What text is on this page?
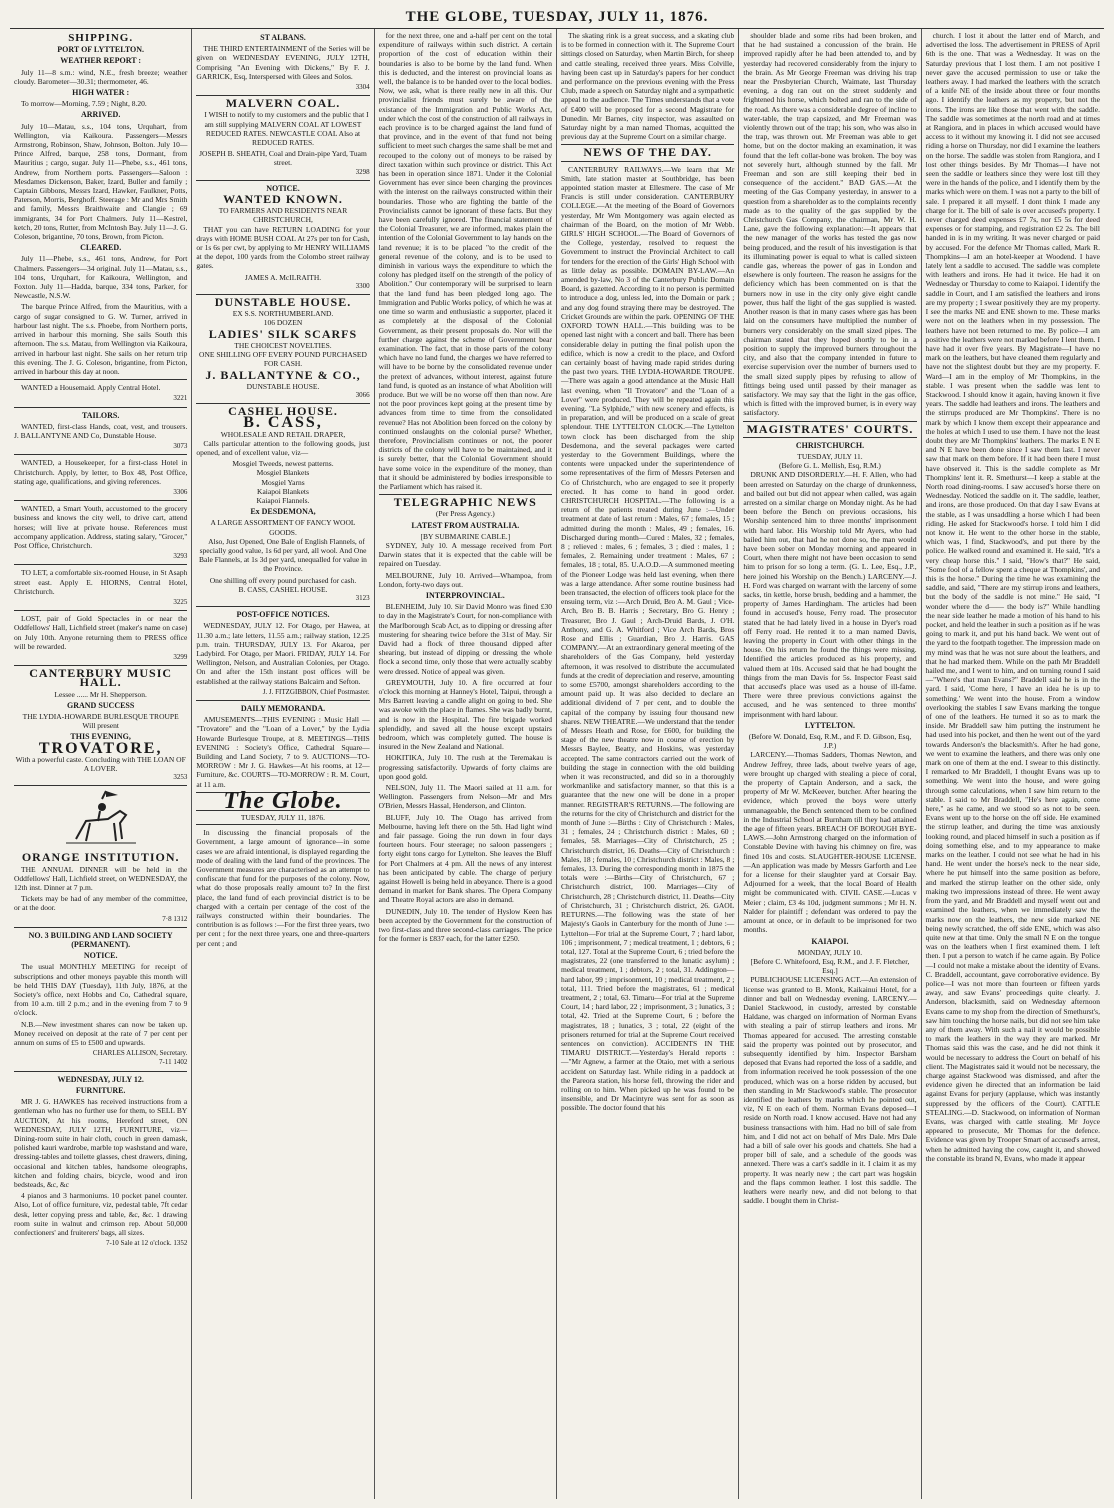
THE GLOBE, TUESDAY, JULY 11, 1876.
SHIPPING.
PORT OF LYTTELTON.
WEATHER REPORT :

July 11—8 s.m.: wind, N.E., fresh breeze; weather cloudy. Barometer—30.31; thermometer, 46.

HIGH WATER :

To morrow—Morning, 7.59 ; Night, 8.20.

ARRIVED.

July 10—Matau, s.s., 104 tons, Urquhart, from Wellington, via Kaikoura. Passengers—Messrs Armstrong, Robinson, Shaw, Johnson, Bolton. July 10—Prince Alfred, barque, 258 tons, Dormant, from Mauritius ; cargo, sugar. July 11—Phebe, s.s., 461 tons, Andrew, from Northern ports. Passengers—Saloon : Mesdames Dickenson, Baker, Izard, Buller and family ; Captain Gibbons, Messrs Izard, Hawker, Faulkner, Potts, Paterson, Morris, Berghoff. Steerage : Mr and Mrs Smith and family, Messrs Braithwaite and Clangie ; 69 immigrants, 34 for Port Chalmers. July 11—Kestrel, ketch, 20 tons, Rutter, from McIntosh Bay. July 11—J. G. Coleson, brigantine, 70 tons, Brown, from Picton.

CLEARED.

July 11—Phebe, s.s., 461 tons, Andrew, for Port Chalmers. Passengers—34 original. July 11—Matau, s.s., 104 tons, Urquhart, for Kaikoura, Wellington, and Foxton. July 11—Hadda, barque, 334 tons, Parker, for Newcastle, N.S.W.

The barque Prince Alfred, from the Mauritius, with a cargo of sugar consigned to G. W. Turner, arrived in harbour last night. The s.s. Phoebe, from Northern ports, arrived in harbour this morning. She sails South this afternoon. The s.s. Matau, from Wellington via Kaikoura, arrived in harbour last night. She sails on her return trip this evening. The J. G. Coleson, brigantine, from Picton, arrived in harbour this day at noon.

WANTED a Housemaid. Apply Central Hotel.

3221
TAILORS.

WANTED, first-class Hands, coat, vest, and trousers. J. BALLANTYNE AND Co, Dunstable House.

3073

WANTED, a Housekeeper, for a first-class Hotel in Christchurch. Apply, by letter, to Box 48, Post Office, stating age, qualifications, and giving references.

3306

WANTED, a Smart Youth, accustomed to the grocery business and knows the city well, to drive cart, attend horses; will live at private house. References must accompany application. Address, stating salary, "Grocer," Post Office, Christchurch.

3293

TO LET, a comfortable six-roomed House, in St Asaph street east. Apply E. HIORNS, Central Hotel, Christchurch.

3225

LOST, pair of Gold Spectacles in or near the Oddfellows' Hall, Lichfield street (maker's name on case) on July 10th. Anyone returning them to PRESS office will be rewarded.

3299
CANTERBURY MUSIC HALL.
Lessee ...... Mr H. Shepperson.
GRAND SUCCESS
THE LYDIA-HOWARDE BURLESQUE TROUPE
Will present
THIS EVENING,
TROVATORE,
With a powerful caste. Concluding with THE LOAN OF A LOVER.
3253
ORANGE INSTITUTION.

THE ANNUAL DINNER will be held in the Oddfellows' Hall, Lichfield street, on WEDNESDAY, the 12th inst. Dinner at 7 p.m.

Tickets may be had of any member of the committee, or at the door.

7·8 1312
NO. 3 BUILDING AND LAND SOCIETY (PERMANENT).
NOTICE.

The usual MONTHLY MEETING for receipt of subscriptions and other moneys payable this month will be held THIS DAY (Tuesday), 11th July, 1876, at the Society's office, next Hobbs and Co, Cathedral square, from 10 a.m. till 2 p.m.; and in the evening from 7 to 9 o'clock.

N.B.—New investment shares can now be taken up. Money received on deposit at the rate of 7 per cent per annum on sums of £5 to £500 and upwards.

CHARLES ALLISON, Secretary.
7-11 1402
WEDNESDAY, JULY 12.
FURNITURE.

MR J. G. HAWKES has received instructions from a gentleman who has no further use for them, to SELL BY AUCTION, At his rooms, Hereford street, ON WEDNESDAY, JULY 12TH, FURNITURE, viz—Dining-room suite in hair cloth, couch in green damask, polished kauri wardrobe, marble top washstand and ware, dressing-tables and toilette glasses, chest drawers, dining, occasional and kitchen tables, handsome oleographs, kitchen and folding chairs, bicycle, wood and iron bedsteads, &c, &c

4 pianos and 3 harmoniums. 10 pocket panel counter. Also, Lot of office furniture, viz, pedestal table, 7ft cedar desk, letter copying press and table, &c, &c. 1 drawing room suite in walnut and crimson rep. About 50,000 confectioners' and fruiterers' bags, all sizes.

7-10 Sale at 12 o'clock. 1352
ST ALBANS.

THE THIRD ENTERTAINMENT of the Series will be given on WEDNESDAY EVENING, JULY 12TH, Comprising "An Evening with Dickens," By F. J. GARRICK, Esq, Interspersed with Glees and Solos.

3304
MALVERN COAL.

I WISH to notify to my customers and the public that I am still supplying MALVERN COAL AT LOWEST REDUCED RATES. NEWCASTLE COAL Also at REDUCED RATES.

JOSEPH B. SHEATH, Coal and Drain-pipe Yard, Tuam street.
3298
NOTICE.
WANTED KNOWN.
TO FARMERS AND RESIDENTS NEAR CHRISTCHURCH,

THAT you can have RETURN LOADING for your drays with HOME BUSH COAL At 27s per ton for Cash, or 1s 6s per cwt, by applying to Mr HENRY WILLIAMS at the depot, 100 yards from the Colombo street railway gates.

JAMES A. McILRAITH.
3300
DUNSTABLE HOUSE.
EX S.S. NORTHUMBERLAND.
106 DOZEN
LADIES' SILK SCARFS
THE CHOICEST NOVELTIES.
ONE SHILLING OFF EVERY POUND PURCHASED FOR CASH.
J. BALLANTYNE & CO.,
DUNSTABLE HOUSE.
3066
CASHEL HOUSE.
B. CASS,
WHOLESALE AND RETAIL DRAPER,

Calls particular attention to the following goods, just opened, and of excellent value, viz—

Mosgiel Tweeds, newest patterns.
Mosgiel Blankets
Mosgiel Yarns
Kaiapoi Blankets
Kaiapoi Flannels.
Ex DESDEMONA,
A LARGE ASSORTMENT OF FANCY WOOL GOODS.

Also, Just Opened, One Bale of English Flannels, of specially good value, 1s 6d per yard, all wool. And One Bale Flannels, at 1s 3d per yard, unequalled for value in the Province.

One shilling off every pound purchased for cash.
B. CASS, CASHEL HOUSE.
3123
POST-OFFICE NOTICES.

WEDNESDAY, JULY 12. For Otago, per Hawea, at 11.30 a.m.; late letters, 11.55 a.m.; railway station, 12.25 p.m. train. THURSDAY, JULY 13. For Akaroa, per Ladybird. For Otago, per Maori. FRIDAY, JULY 14. For Wellington, Nelson, and Australian Colonies, per Otago. On and after the 15th instant post offices will be established at the railway stations Balcairn and Sefton.

J. J. FITZGIBBON, Chief Postmaster.
DAILY MEMORANDA.

AMUSEMENTS—THIS EVENING : Music Hall — "Trovatore" and the "Loan of a Lover," by the Lydia Howarde Burlesque Troupe, at 8. MEETINGS—THIS EVENING : Society's Office, Cathedral Square—Building and Land Society, 7 to 9. AUCTIONS—TO-MORROW : Mr J. G. Hawkes—At his rooms, at 12—Furniture, &c. COURTS—TO-MORROW : R. M. Court, at 11 a.m.

The Globe.
TUESDAY, JULY 11, 1876.

In discussing the financial proposals of the Government, a large amount of ignorance—in some cases we are afraid intentional, is displayed regarding the mode of dealing with the land fund of the provinces. The Government measures are characterised as an attempt to confiscate that fund for the purposes of the colony. Now, what do those proposals really amount to? In the first place, the land fund of each provincial district is to be charged with a certain per centage of the cost of the railways constructed within their boundaries. The contribution is as follows :—For the first three years, two per cent ; for the next three years, one and three-quarters per cent ; and

for the next three, one and a-half per cent on the total expenditure of railways within such district. A certain proportion of the cost of education within their boundaries is also to be borne by the land fund. When this is deducted, and the interest on provincial loans as well, the balance is to be handed over to the local bodies. Now, we ask, what is there really new in all this. Our provincialist friends must surely be aware of the existance of the Immigration and Public Works Act, under which the cost of the construction of all railways in each province is to be charged against the land fund of that province, and in the event of that fund not being sufficient to meet such charges the same shall be met and recouped to the colony out of moneys to be raised by direct taxation within such province or district. This Act has been in operation since 1871. Under it the Colonial Government has ever since been charging the provinces with the interest on the railways constructed within their boundaries. Those who are fighting the battle of the Provincialists cannot be ignorant of these facts. But they have been carefully ignored. The financial statement of the Colonial Treasurer, we are informed, makes plain the intention of the Colonial Government to lay hands on the land revenue; it is to be placed "to the credit of the general revenue of the colony, and is to be used to diminish in various ways the expenditure to which the colony has pledged itself on the strength of the policy of Abolition." Our contemporary will be surprised to learn that the land fund has been pledged long ago. The Immigration and Public Works policy, of which he was at one time so warm and enthusiastic a supporter, placed it as completely at the disposal of the Colonial Government, as their present proposals do. Nor will the further charge against the scheme of Government bear examination. The fact, that in those parts of the colony which have no land fund, the charges we have referred to will have to be borne by the consolidated revenue under the pretext of advances, without interest, against future land fund, is quoted as an instance of what Abolition will produce. But we will be no worse off then than now. Are not the poor provinces kept going at the present time by advances from time to time from the consolidated revenue? Has not Abolition been forced on the colony by continued onslaughts on the colonial purse? Whether, therefore, Provincialism continues or not, the poorer districts of the colony will have to be maintained, and it is surely better, that the Colonial Government should have some voice in the expenditure of the money, than that it should be administered by bodies irresponsible to the Parliament which has raised it.

TELEGRAPHIC NEWS
(Per Press Agency.)
LATEST FROM AUSTRALIA.
[BY SUBMARINE CABLE.]

SYDNEY, July 10. A message received from Port Darwin states that it is expected that the cable will be repaired on Tuesday.

MELBOURNE, July 10. Arrived—Whampoa, from London, forty-two days out.

INTERPROVINCIAL.

BLENHEIM, July 10. Sir David Monro was fined £30 to day in the Magistrate's Court, for non-compliance with the Marlborough Scab Act, as to dipping or dressing after mustering for shearing twice before the 31st of May. Sir David had a flock of three thousand dipped after shearing, but instead of dipping or dressing the whole flock a second time, only those that were actually scabby were dressed. Notice of appeal was given.

GREYMOUTH, July 10. A fire occurred at four o'clock this morning at Hanney's Hotel, Taipui, through a Mrs Barrett leaving a candle alight on going to bed. She was awoke with the place in flames. She was badly burnt, and is now in the Hospital. The fire brigade worked splendidly, and saved all the house except upstairs bedroom, which was completely gutted. The house is insured in the New Zealand and National.

HOKITIKA, July 10. The rush at the Teremakau is progressing satisfactorily. Upwards of forty claims are upon good gold.

NELSON, July 11. The Maori sailed at 11 a.m. for Wellington. Passengers from Nelson—Mr and Mrs O'Brien, Messrs Hassal, Henderson, and Clinton.

BLUFF, July 10. The Otago has arrived from Melbourne, having left there on the 5th. Had light wind and fair passage. Going the run down in four days fourteen hours. Four steerage; no saloon passengers ; forty eight tons cargo for Lyttelton. She leaves the Bluff for Port Chalmers at 4 pm. All the news of any interest has been anticipated by cable. The charge of perjury against Howell is being held in abeyance. There is a good demand in market for Bank shares. The Opera Company and Theatre Royal actors are also in demand.

DUNEDIN, July 10. The tender of Hyslow Keen has been accepted by the Government for the construction of two first-class and three second-class carriages. The price for the former is £837 each, for the latter £250.

The skating rink is a great success, and a skating club is to be formed in connection with it. The Supreme Court sittings closed on Saturday, when Martin Birch, for sheep and cattle stealing, received three years. Miss Colville, having been cast up in Saturday's papers for her conduct and performance on the previous evening with the Press Club, made a speech on Saturday night and a sympathetic appeal to the audience. The Times understands that a vote of £400 will be proposed for a second Magistrate for Dunedin. Mr Barnes, city inspector, was assaulted on Saturday night by a man named Thomas, acquitted the previous day at the Supreme Court on a similar charge.

NEWS OF THE DAY.

CANTERBURY RAILWAYS.—We learn that Mr Smith, late station master at Southbridge, has been appointed station master at Ellesmere. The case of Mr Francis is still under consideration. CANTERBURY COLLEGE.—At the meeting of the Board of Governors yesterday, Mr Wm Montgomery was again elected as chairman of the Board, on the motion of Mr Webb. GIRLS' HIGH SCHOOL.—The Board of Governors of the College, yesterday, resolved to request the Government to instruct the Provincial Architect to call for tenders for the erection of the Girls' High School with as little delay as possible. DOMAIN BY-LAW.—An amended by-law, No 3 of the Canterbury Public Domain Board, is gazetted. According to it no person is permitted to introduce a dog, unless led, into the Domain or park ; and any dog found straying there may be destroyed. The Cricket Grounds are within the park. OPENING OF THE OXFORD TOWN HALL.—This building was to be opened last night with a concert and ball. There has been considerable delay in putting the final polish upon the edifice, which is now a credit to the place, and Oxford can certainly boast of having made rapid strides during the past two years. THE LYDIA-HOWARDE TROUPE.—There was again a good attendance at the Music Hall last evening, when "Il Trovatore" and the "Loan of a Lover" were produced. They will be repeated again this evening. "La Sylphide," with new scenery and effects, is in preparation, and will be produced on a scale of great splendour. THE LYTTELTON CLOCK.—The Lyttelton town clock has been discharged from the ship Desdemona, and the several packages were carted yesterday to the Government Buildings, where the contents were unpacked under the superintendence of some representatives of the firm of Messrs Petersen and Co of Christchurch, who are engaged to see it properly erected. It has come to hand in good order. CHRISTCHURCH HOSPITAL.—The following is a return of the patients treated during June :—Under treatment at date of last return : Males, 67 ; females, 15 ; admitted during the month : Males, 49 ; females, 16. Discharged during month—Cured : Males, 32 ; females, 8 ; relieved : males, 6 ; females, 3 ; died : males, 1 ; females, 2. Remaining under treatment : Males, 67 ; females, 18 ; total, 85. U.A.O.D.—A summoned meeting of the Pioneer Lodge was held last evening, when there was a large attendance. After some routine business had been transacted, the election of officers took place for the ensuing term, viz :—Arch Druid, Bro A. M. Gaul ; Vice-Arch, Bro B. B. Harris ; Secretary, Bro G. Henry ; Treasurer, Bro J. Gaul ; Arch-Druid Bards, J. O'H. Anthony, and G. A. Whitford ; Vice Arch Bards, Bros Rose and Ellis ; Guardian, Bro J. Harris. GAS COMPANY.—At an extraordinary general meeting of the shareholders of the Gas Company, held yesterday afternoon, it was resolved to distribute the accumulated funds at the credit of depreciation and reserve, amounting to some £5700, amongst shareholders according to the amount paid up. It was also decided to declare an additional dividend of 7 per cent, and to double the capital of the company by issuing four thousand new shares. NEW THEATRE.—We understand that the tender of Messrs Heath and Rose, for £600, for building the stage of the new theatre now in course of erection by Messrs Baylee, Beatty, and Hoskins, was yesterday accepted. The same contractors carried out the work of building the stage in connection with the old building when it was reconstructed, and did so in a thoroughly workmanlike and satisfactory manner, so that this is a guarantee that the new one will be done in a proper manner. REGISTRAR'S RETURNS.—The following are the returns for the city of Christchurch and district for the month of June :—Births : City of Christchurch : Males, 31 ; females, 24 ; Christchurch district : Males, 60 ; females, 58. Marriages—City of Christchurch, 25 ; Christchurch district, 16. Deaths—City of Christchurch : Males, 18 ; females, 10 ; Christchurch district : Males, 8 ; females, 13. During the corresponding month in 1875 the totals were :—Births—City of Christchurch, 67 ; Christchurch district, 100. Marriages—City of Christchurch, 28 ; Christchurch district, 11. Deaths—City of Christchurch, 31 ; Christchurch district, 26. GAOL RETURNS.—The following was the state of her Majesty's Gaols in Canterbury for the month of June :—Lyttelton—For trial at the Supreme Court, 7 ; hard labor, 106 ; imprisonment, 7 ; medical treatment, 1 ; debtors, 6 ; total, 127. Total at the Supreme Court, 6 ; tried before the magistrates, 22 (one transferred to the lunatic asylum) ; medical treatment, 1 ; debtors, 2 ; total, 31. Addington—hard labor, 99 ; imprisonment, 10 ; medical treatment, 2 ; total, 111. Tried before the magistrates, 61 ; medical treatment, 2 ; total, 63. Timaru—For trial at the Supreme Court, 14 ; hard labor, 22 ; imprisonment, 3 ; lunatics, 3 ; total, 42. Tried at the Supreme Court, 6 ; before the magistrates, 18 ; lunatics, 3 ; total, 22 (eight of the prisoners returned for trial at the Supreme Court received sentences on conviction). ACCIDENTS IN THE TIMARU DISTRICT.—Yesterday's Herald reports :—"Mr Agnew, a farmer at the Otaio, met with a serious accident on Saturday last. While riding in a paddock at the Pareora station, his horse fell, throwing the rider and rolling on to him. When picked up he was found to be insensible, and Dr Macintyre was sent for as soon as possible. The doctor found that his

shoulder blade and some ribs had been broken, and that he had sustained a concussion of the brain. He improved rapidly after he had been attended to, and by yesterday had recovered considerably from the injury to the brain. As Mr George Freeman was driving his trap near the Presbyterian Church, Waimate, last Thursday evening, a dog ran out on the street suddenly and frightened his horse, which bolted and ran to the side of the road. As there was a considerable degree of incline to water-table, the trap capsized, and Mr Freeman was violently thrown out of the trap; his son, who was also in the trap, was thrown out. Mr Freeman was able to get home, but on the doctor making an examination, it was found that the left collar-bone was broken. The boy was not severely hurt, although stunned by the fall. Mr Freeman and son are still keeping their bed in consequence of the accident." BAD GAS.—At the meeting of the Gas Company yesterday, in answer to a question from a shareholder as to the complaints recently made as to the quality of the gas supplied by the Christchurch Gas Company, the chairman, Mr W. H. Lane, gave the following explanation:—It appears that the new manager of the works has tested the gas now being produced, and the result of his investigation is that its illuminating power is equal to what is called sixteen candle gas, whereas the power of gas in London and elsewhere is only fourteen. The reason he assigns for the deficiency which has been commented on is that the burners now in use in the city only give eight candle power, thus half the light of the gas supplied is wasted. Another reason is that in many cases where gas has been laid on the consumers have multiplied the number of burners very considerably on the small sized pipes. The chairman stated that they hoped shortly to be in a position to supply the improved burners throughout the city, and also that the company intended in future to exercise supervision over the number of burners used to the small sized supply pipes by refusing to allow of fittings being used until passed by their manager as satisfactory. We may say that the light in the gas office, which is fitted with the improved burner, is in every way satisfactory.

MAGISTRATES' COURTS.
CHRISTCHURCH.
TUESDAY, JULY 11.
(Before G. L. Mellish, Esq, R.M.)

DRUNK AND DISORDERLY.—H. F. Allen, who had been arrested on Saturday on the charge of drunkenness, and bailed out but did not appear when called, was again arrested on a similar charge on Monday night. As he had been before the Bench on previous occasions, his Worship sentenced him to three months' imprisonment with hard labor. His Worship told Mr Ayers, who had bailed him out, that had he not done so, the man would have been sober on Monday morning and appeared in Court, when there might not have been occasion to send him to prison for so long a term. (G. L. Lee, Esq., J.P., here joined his Worship on the Bench.) LARCENY.—J. H. Ford was charged on warrant with the larceny of some sacks, tin kettle, horse brush, bedding and a hammer, the property of James Hardingham. The articles had been found in accused's house, Ferry road. The prosecutor stated that he had lately lived in a house in Dyer's road off Ferry road. He rented it to a man named Davis, leaving the property in Court with other things in the house. On his return he found the things were missing. Identified the articles produced as his property, and valued them at 10s. Accused said that he had bought the things from the man Davis for 5s. Inspector Feast said that accused's place was used as a house of ill-fame. There were three previous convictions against the accused, and he was sentenced to three months' imprisonment with hard labour.

LYTTELTON.
(Before W. Donald, Esq, R.M., and F. D. Gibson, Esq, J.P.)

LARCENY.—Thomas Sadders, Thomas Newton, and Andrew Jeffrey, three lads, about twelve years of age, were brought up charged with stealing a piece of coral, the property of Captain Anderson, and a sack, the property of Mr W. McKeever, butcher. After hearing the evidence, which proved the boys were utterly unmanageable, the Bench sentenced them to be confined in the Industrial School at Burnham till they had attained the age of fifteen years. BREACH OF BOROUGH BYE-LAWS.—John Armstrong charged on the information of Constable Devine with having his chimney on fire, was fined 10s and costs. SLAUGHTER-HOUSE LICENSE.—An application was made by Messrs Garforth and Lee for a license for their slaughter yard at Corsair Bay. Adjourned for a week, that the local Board of Health might be communicated with. CIVIL CASE.—Lucas v Meier ; claim, £3 4s 10d, judgment summons ; Mr H. N. Nalder for plaintiff ; defendant was ordered to pay the amount at once, or in default to be imprisoned for two months.

KAIAPOI.
MONDAY, JULY 10.
[Before C. Whitefoord, Esq, R.M., and J. F. Fletcher, Esq.]

PUBLICHOUSE LICENSING ACT.—An extension of license was granted to B. Monk, Kaikainui Hotel, for a dinner and ball on Wednesday evening. LARCENY.—Daniel Stackwood, in custody, arrested by constable Haldane, was charged on information of Norman Evans with stealing a pair of stirrup leathers and irons. Mr Thomas appeared for accused. The arresting constable said the property was pointed out by prosecutor, and subsequently identified by him. Inspector Barsham deposed that Evans had reported the loss of a saddle, and from information received he took possession of the one produced, which was on a horse ridden by accused, but then standing in Mr Stackwood's stable. The prosecutor identified the leathers by marks which he pointed out, viz, N E on each of them. Norman Evans deposed—I reside on North road. I know accused. Have not had any business transactions with him. Had no bill of sale from him, and I did not act on behalf of Mrs Dale. Mrs Dale had a bill of sale over his goods and chattels. She had a proper bill of sale, and a schedule of the goods was annexed. There was a cart's saddle in it. I claim it as my property. It was nearly new ; the cart part was hogskin and the flaps common leather. I lost this saddle. The leathers were nearly new, and did not belong to that saddle. I bought them in Christ-

church. I lost it about the latter end of March, and advertised the loss. The advertisement in PRESS of April 6th is the one. That was a Wednesday. It was on the Saturday previous that I lost them. I am not positive I never gave the accused permission to use or take the leathers away. I had marked the leathers with the scratch of a knife NE of the inside about three or four months ago. I identify the leathers as my property, but not the irons. The irons are like those that went with the saddle. The saddle was sometimes at the north road and at times at Rangiora, and in places in which accused would have access to it without my knowing it. I did not see accused riding a horse on Thursday, nor did I examine the leathers on the horse. The saddle was stolen from Rangiora, and I lost other things besides. By Mr Thomas—I have not seen the saddle or leathers since they were lost till they were in the hands of the police, and I identify them by the marks which were on them. I was not a party to the bill of sale. I prepared it all myself. I dont think I made any charge for it. The bill of sale is over accused's property. I never charged deed expenses £7 7s, nor £5 5s for deed expenses or for stamping, and registration £2 2s. The bill handed in is in my writing. It was never charged or paid by accused. For the defence Mr Thomas called, Mark R. Thompkins—I am an hotel-keeper at Woodend. I have lately lent a saddle to accused. The saddle was complete with leathers and irons. He had it twice. He had it on Wednesday or Thursday to come to Kaiapoi. I identify the saddle in Court, and I am satisfied the leathers and irons are my property ; I swear positively they are my property. I see the marks NE and ENE shown to me. These marks were not on the leathers when in my possession. The leathers have not been returned to me. By police—I am positive the leathers were not marked before I lent them. I have had it over five years. By Magistrate—I have no mark on the leathers, but have cleaned them regularly and have not the slightest doubt but they are my property. F. Ward—I am in the employ of Mr Thompkins, in the stable. I was present when the saddle was lent to Stackwood. I should know it again, having known it five years. The saddle had leathers and irons. The leathers and the stirrups produced are Mr Thompkins'. There is no mark by which I know them except their appearance and the holes at which I used to use them. I have not the least doubt they are Mr Thompkins' leathers. The marks E N E and N E have been done since I saw them last. I never saw that mark on them before. If it had been there I must have observed it. This is the saddle complete as Mr Thompkins' lent it. R. Smethurst—I keep a stable at the North road dining-rooms. I saw accused's horse there on Wednesday. Noticed the saddle on it. The saddle, leather, and irons, are those produced. On that day I saw Evans at the stable, as I was unsaddling a horse which I had been riding. He asked for Stackwood's horse. I told him I did not know it. He went to the other horse in the stable, which was, I find, Stackwood's, and put there by the police. He walked round and examined it. He said, "It's a very cheap horse this." I said, "How's that?" He said, "Some fool of a fellow spent a cheque at Thompkins', and this is the horse." During the time he was examining the saddle, and said, "There are my stirrup irons and leathers, but the body of the saddle is not mine." He said, "I wonder where the d—— the body is?" While handling the near side leather he made a motion of his hand to his pocket, and held the leather in such a position as if he was going to mark it, and put his hand back. We went out of the yard to the footpath together. The impression made on my mind was that he was not sure about the leathers, and that he had marked them. While on the path Mr Braddell hailed me, and I went to him, and on turning round I said—"Where's that man Evans?" Braddell said he is in the yard. I said, 'Come here, I have an idea he is up to something.' We went into the house. From a window overlooking the stables I saw Evans marking the tongue of one of the leathers. He turned it so as to mark the inside. Mr Braddell saw him putting the instrument he had used into his pocket, and then he went out of the yard towards Anderson's the blacksmith's. After he had gone, we went to examine the leathers, and there was only one mark on one of them at the end. I swear to this distinctly. I remarked to Mr Braddell, I thought Evans was up to something. We went into the house, and were going through some calculations, when I saw him return to the stable. I said to Mr Braddell, "He's here again, come here," as he came, and we stood so as not to be seen. Evans went up to the horse on the off side. He examined the stirrup leather, and during the time was anxiously looking round, and placed himself in such a position as if doing something else, and to my appearance to make marks on the leather. I could not see what he had in his hand. He went under the horse's neck to the near side, where he put himself into the same position as before, and marked the stirrup leather on the other side, only making two impressions instead of three. He went away from the yard, and Mr Braddell and myself went out and examined the leathers, when we immediately saw the marks now on the leathers, the new side marked NE being newly scratched, the off side ENE, which was also quite new at that time. Only the small N E on the tongue was on the leathers when I first examined them. I left then. I put a person to watch if he came again. By Police—I could not make a mistake about the identity of Evans. C. Braddell, accountant, gave corroborative evidence. By police—I was not more than fourteen or fifteen yards away, and saw Evans' proceedings quite clearly. J. Anderson, blacksmith, said on Wednesday afternoon Evans came to my shop from the direction of Smethurst's, saw him touching the horse nails, but did not see him take any of them away. With such a nail it would be possible to mark the leathers in the way they are marked. Mr Thomas said this was the case, and he did not think it would be necessary to address the Court on behalf of his client. The Magistrates said it would not be necessary, the charge against Stackwood was dismissed, and after the evidence given he directed that an information be laid against Evans for perjury (applause, which was instantly suppressed by the officers of the Court). CATTLE STEALING.—D. Stackwood, on information of Norman Evans, was charged with cattle stealing. Mr Joyce appeared to prosecute, Mr Thomas for the defence. Evidence was given by Trooper Smart of accused's arrest, when he admitted having the cow, caught it, and showed the constable its brand N, Evans, who made it appear
